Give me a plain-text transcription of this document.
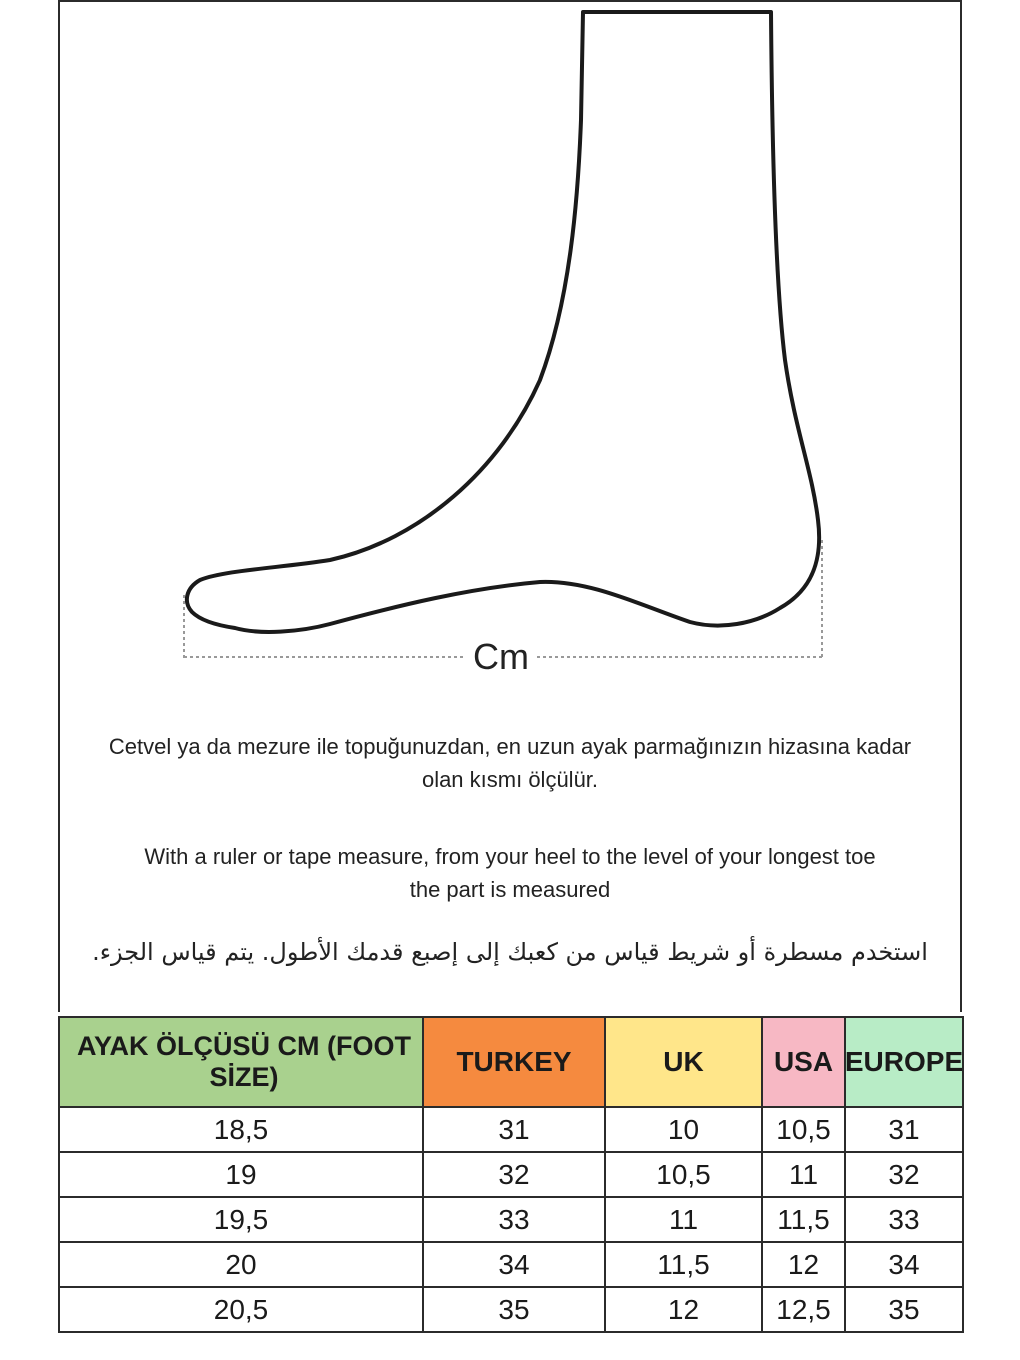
Cm
Cetvel ya da mezure ile topuğunuzdan, en uzun ayak parmağınızın hizasına kadar
olan kısmı ölçülür.
With a ruler or tape measure, from your heel to the level of your longest toe
the part is measured
استخدم مسطرة أو شريط قياس من كعبك إلى إصبع قدمك الأطول. يتم قياس الجزء.
AYAK ÖLÇÜSÜ CM (FOOT SİZE)	TURKEY	UK	USA	EUROPE

18,5	31	10	10,5	31
19	32	10,5	11	32
19,5	33	11	11,5	33
20	34	11,5	12	34
20,5	35	12	12,5	35
